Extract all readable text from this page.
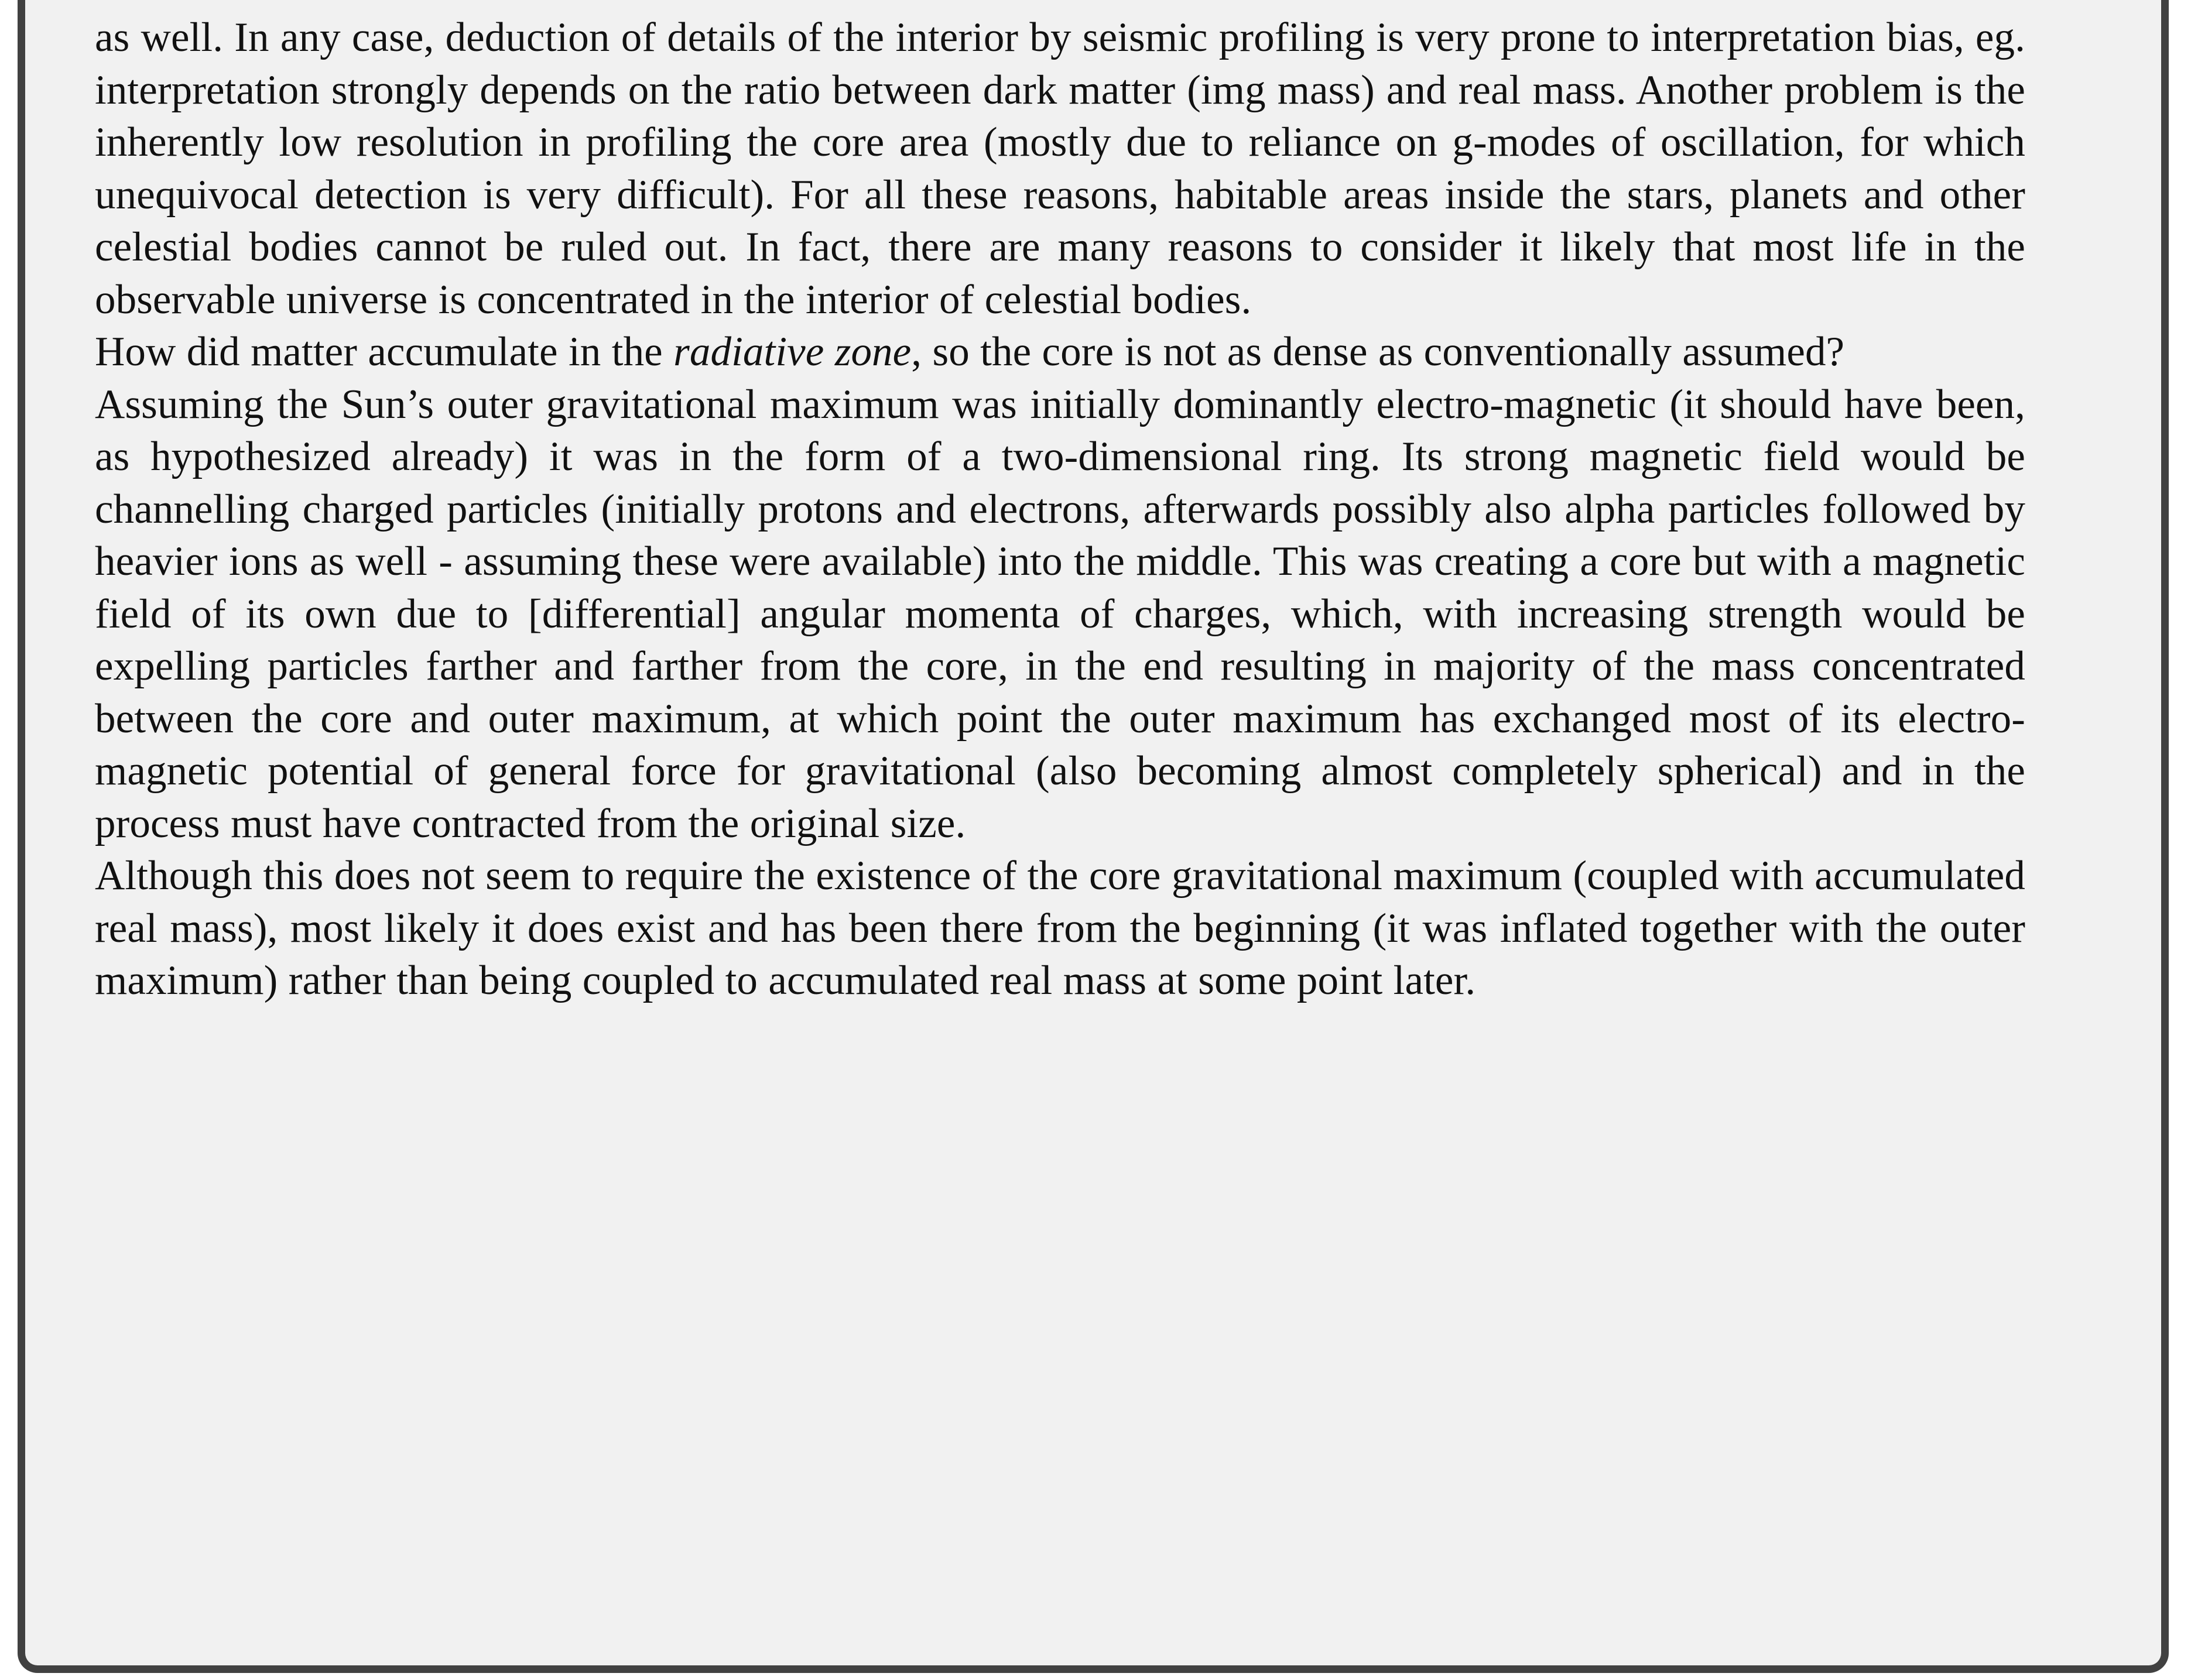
as well. In any case, deduction of details of the interior by seismic profiling is very prone to interpretation bias, eg. interpretation strongly depends on the ratio between dark matter (img mass) and real mass. Another problem is the inherently low resolution in profiling the core area (mostly due to reliance on g-modes of oscillation, for which unequivocal detection is very difficult). For all these reasons, habitable areas inside the stars, planets and other celestial bodies cannot be ruled out. In fact, there are many reasons to consider it likely that most life in the observable universe is concentrated in the interior of celestial bodies.

How did matter accumulate in the radiative zone, so the core is not as dense as conventionally assumed?

Assuming the Sun’s outer gravitational maximum was initially dominantly electro-magnetic (it should have been, as hypothesized already) it was in the form of a two-dimensional ring. Its strong magnetic field would be channelling charged particles (initially protons and electrons, afterwards possibly also alpha particles followed by heavier ions as well - assuming these were available) into the middle. This was creating a core but with a magnetic field of its own due to [differential] angular momenta of charges, which, with increasing strength would be expelling particles farther and farther from the core, in the end resulting in majority of the mass concentrated between the core and outer maximum, at which point the outer maximum has exchanged most of its electro-magnetic potential of general force for gravitational (also becoming almost completely spherical) and in the process must have contracted from the original size.

Although this does not seem to require the existence of the core gravitational maximum (coupled with accumulated real mass), most likely it does exist and has been there from the beginning (it was inflated together with the outer maximum) rather than being coupled to accumulated real mass at some point later.
